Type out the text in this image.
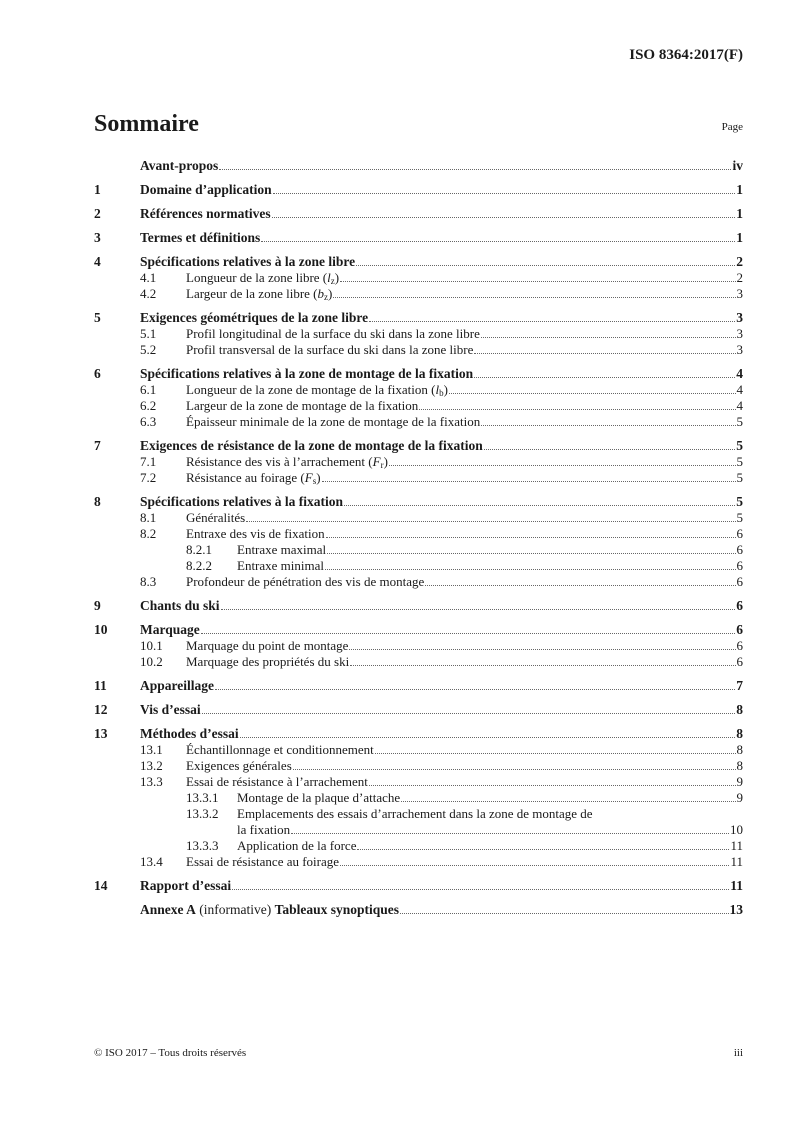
ISO 8364:2017(F)
Sommaire	Page
Avant-propos	iv
1	Domaine d’application	1
2	Références normatives	1
3	Termes et définitions	1
4	Spécifications relatives à la zone libre	2
4.1	Longueur de la zone libre $(l_z)$	2
4.2	Largeur de la zone libre $(b_z)$	3
5	Exigences géométriques de la zone libre	3
5.1	Profil longitudinal de la surface du ski dans la zone libre	3
5.2	Profil transversal de la surface du ski dans la zone libre	3
6	Spécifications relatives à la zone de montage de la fixation	4
6.1	Longueur de la zone de montage de la fixation $(l_b)$	4
6.2	Largeur de la zone de montage de la fixation	4
6.3	Épaisseur minimale de la zone de montage de la fixation	5
7	Exigences de résistance de la zone de montage de la fixation	5
7.1	Résistance des vis à l’arrachement $(F_r)$	5
7.2	Résistance au foirage $(F_s)$	5
8	Spécifications relatives à la fixation	5
8.1	Généralités	5
8.2	Entraxe des vis de fixation	6
8.2.1	Entraxe maximal	6
8.2.2	Entraxe minimal	6
8.3	Profondeur de pénétration des vis de montage	6
9	Chants du ski	6
10	Marquage	6
10.1	Marquage du point de montage	6
10.2	Marquage des propriétés du ski	6
11	Appareillage	7
12	Vis d’essai	8
13	Méthodes d’essai	8
13.1	Échantillonnage et conditionnement	8
13.2	Exigences générales	8
13.3	Essai de résistance à l’arrachement	9
13.3.1	Montage de la plaque d’attache	9
13.3.2	Emplacements des essais d’arrachement dans la zone de montage de
la fixation	10
13.3.3	Application de la force	11
13.4	Essai de résistance au foirage	11
14	Rapport d’essai	11
Annexe A (informative) Tableaux synoptiques	13
© ISO 2017 – Tous droits réservés	iii
